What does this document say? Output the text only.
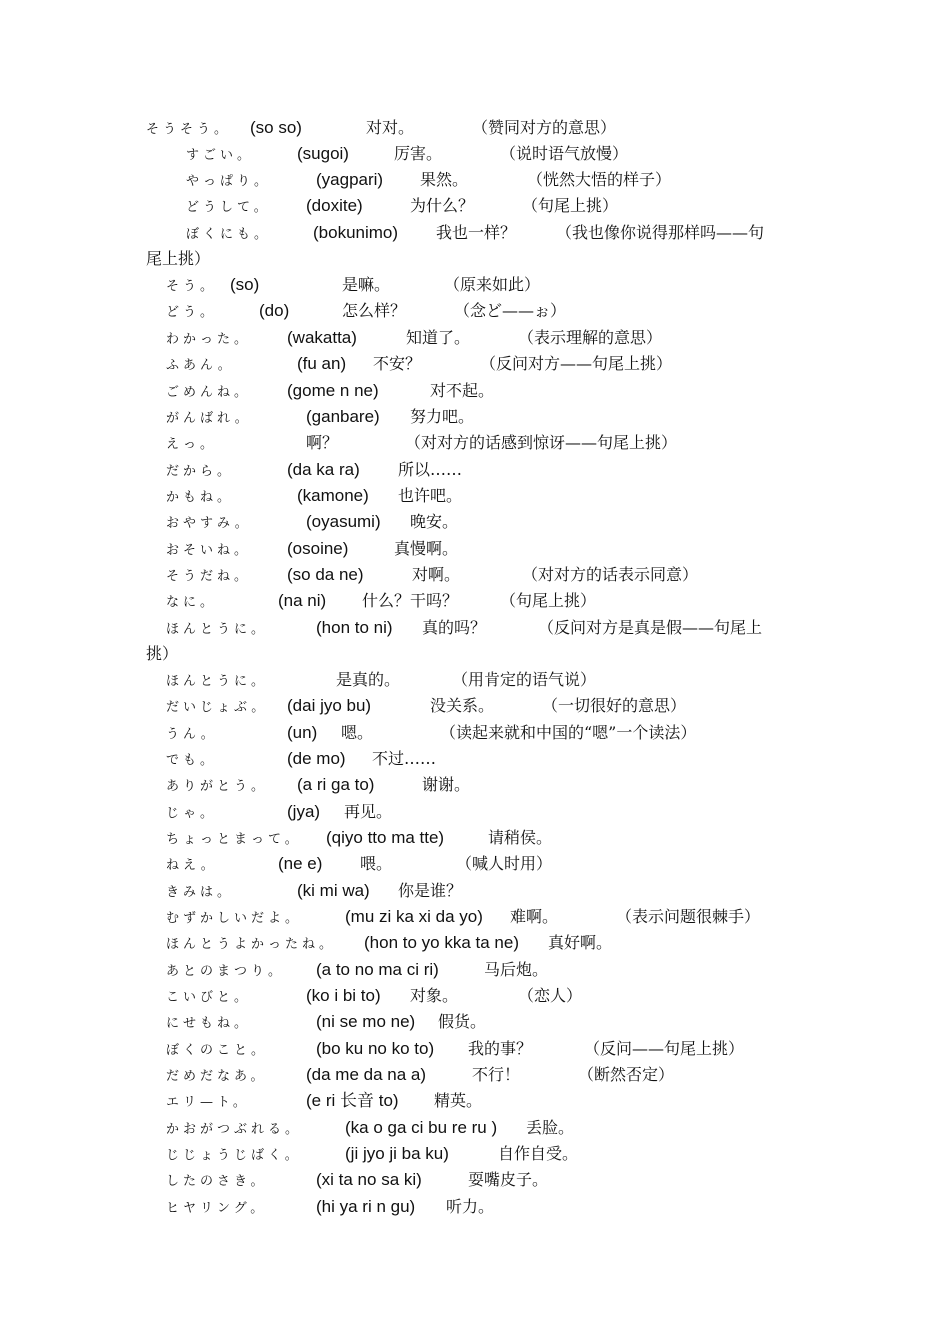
そうそう。 (so so)	对对。	（赞同对方的意思）
すごい。	(sugoi)	厉害。	（说时语气放慢）
やっぱり。	(yagpari) 果然。	（恍然大悟的样子）
どうして。 (doxite)	为什么？	（句尾上挑）
ぼくにも。 (bokunimo) 我也一样？ （我也像你说得那样吗——句
尾上挑）
そう。 (so)	是嘛。	（原来如此）
どう。 (do)	怎么样？	（念ど——ぉ）
わかった。 (wakatta)	知道了。	（表示理解的意思）
ふあん。	(fu an) 不安？	（反问对方——句尾上挑）
ごめんね。 (gome n ne)	对不起。
がんばれ。	(ganbare) 努力吧。
えっ。	啊？	（对对方的话感到惊讶——句尾上挑）
だから。	(da ka ra) 所以……
かもね。	(kamone) 也许吧。
おやすみ。	(oyasumi) 晚安。
おそいね。 (osoine)	真慢啊。
そうだね。 (so da ne)	对啊。	（对对方的话表示同意）
なに。	(na ni) 什么？干吗？	（句尾上挑）
ほんとうに。	(hon to ni) 真的吗？	（反问对方是真是假——句尾上
挑）
ほんとうに。	是真的。	（用肯定的语气说）
だいじょぶ。 (dai jyo bu)	没关系。	（一切很好的意思）
うん。	(un) 嗯。	（读起来就和中国的“嗯”一个读法）
でも。	(de mo) 不过……
ありがとう。 (a ri ga to)	谢谢。
じゃ。	(jya) 再见。
ちょっとまって。 (qiyo tto ma tte)	请稍侯。
ねえ。	(ne e) 喂。	（喊人时用）
きみは。	(ki mi wa) 你是谁？
むずかしいだよ。	(mu zi ka xi da yo) 难啊。	（表示问题很棘手）
ほんとうよかったね。 (hon to yo kka ta ne) 真好啊。
あとのまつり。 (a to no ma ci ri)	马后炮。
こいびと。	(ko i bi to) 对象。	（恋人）
にせもね。	(ni se mo ne) 假货。
ぼくのこと。	(bo ku no ko to) 我的事？	（反问——句尾上挑）
だめだなあ。 (da me da na a)	不行！	（断然否定）
エリ—ト。	(e ri 长音 to) 精英。
かおがつぶれる。	(ka o ga ci bu re ru ) 丢脸。
じじょうじばく。	(ji jyo ji ba ku)	自作自受。
したのさき。	(xi ta no sa ki)	耍嘴皮子。
ヒヤリング。	(hi ya ri n gu) 听力。
